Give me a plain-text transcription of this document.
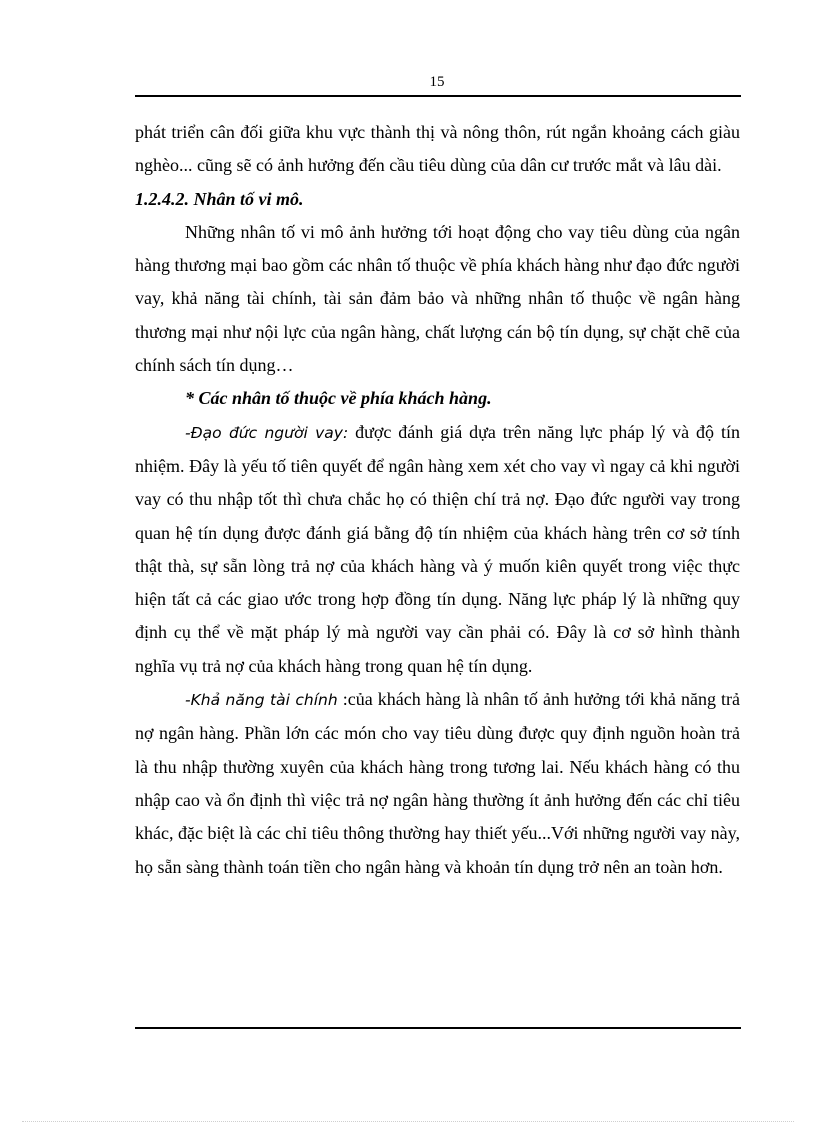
15

phát triển cân đối giữa khu vực thành thị và nông thôn, rút ngắn khoảng cách giàu nghèo... cũng sẽ có ảnh hưởng đến cầu tiêu dùng của dân cư trước mắt và lâu dài.

1.2.4.2. Nhân tố vi mô.

Những nhân tố vi mô ảnh hưởng tới hoạt động cho vay tiêu dùng của ngân hàng thương mại bao gồm các nhân tố thuộc về phía khách hàng như đạo đức người vay, khả năng tài chính, tài sản đảm bảo và những nhân tố thuộc về ngân hàng thương mại như nội lực của ngân hàng, chất lượng cán bộ tín dụng, sự chặt chẽ của chính sách tín dụng…

* Các nhân tố thuộc về phía khách hàng.

-Đạo đức người vay: được đánh giá dựa trên năng lực pháp lý và độ tín nhiệm. Đây là yếu tố tiên quyết để ngân hàng xem xét cho vay vì ngay cả khi người vay có thu nhập tốt thì chưa chắc họ có thiện chí trả nợ. Đạo đức người vay trong quan hệ tín dụng được đánh giá bằng độ tín nhiệm của khách hàng trên cơ sở tính thật thà, sự sẵn lòng trả nợ của khách hàng và ý muốn kiên quyết trong việc thực hiện tất cả các giao ước trong hợp đồng tín dụng. Năng lực pháp lý là những quy định cụ thể về mặt pháp lý mà người vay cần phải có. Đây là cơ sở hình thành nghĩa vụ trả nợ của khách hàng trong quan hệ tín dụng.

-Khả năng tài chính :của khách hàng là nhân tố ảnh hưởng tới khả năng trả nợ ngân hàng. Phần lớn các món cho vay tiêu dùng được quy định nguồn hoàn trả là thu nhập thường xuyên của khách hàng trong tương lai. Nếu khách hàng có thu nhập cao và ổn định thì việc trả nợ ngân hàng thường ít ảnh hưởng đến các chỉ tiêu khác, đặc biệt là các chỉ tiêu thông thường hay thiết yếu...Với những người vay này, họ sẵn sàng thành toán tiền cho ngân hàng và khoản tín dụng trở nên an toàn hơn.
